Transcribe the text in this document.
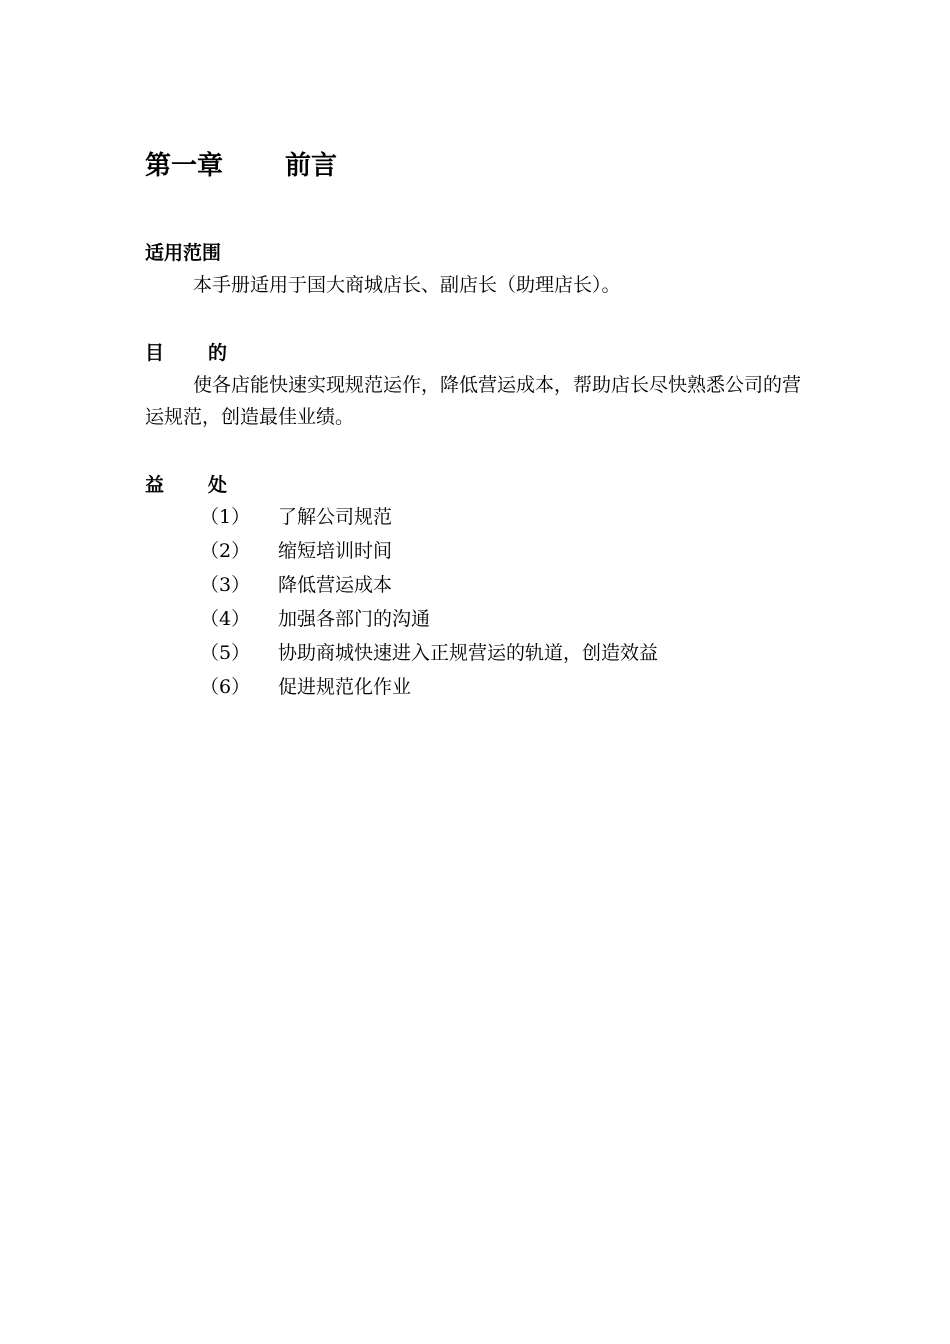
第一章 前言
适用范围

本手册适用于国大商城店长、副店长（助理店长）。

目 的

使各店能快速实现规范运作，降低营运成本，帮助店长尽快熟悉公司的营运规范，创造最佳业绩。

益 处
（1） 了解公司规范
（2） 缩短培训时间
（3） 降低营运成本
（4） 加强各部门的沟通
（5） 协助商城快速进入正规营运的轨道，创造效益
（6） 促进规范化作业
